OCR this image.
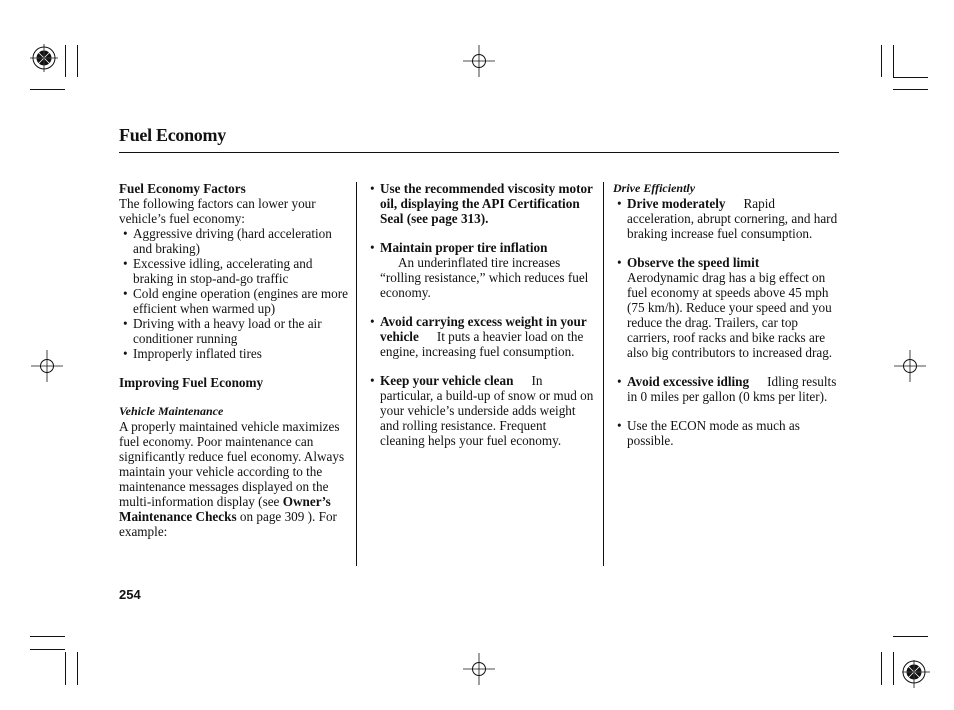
Fuel Economy

Fuel Economy Factors

The following factors can lower your vehicle’s fuel economy:

• Aggressive driving (hard acceleration and braking)

• Excessive idling, accelerating and braking in stop-and-go traffic

• Cold engine operation (engines are more efficient when warmed up)

• Driving with a heavy load or the air conditioner running

• Improperly inflated tires

Improving Fuel Economy

Vehicle Maintenance

A properly maintained vehicle maximizes fuel economy. Poor maintenance can significantly reduce fuel economy. Always maintain your vehicle according to the maintenance messages displayed on the multi-information display (see Owner’s Maintenance Checks on page 309 ). For example:

• Use the recommended viscosity motor oil, displaying the API Certification Seal (see page 313).

• Maintain proper tire inflation
An underinflated tire increases “rolling resistance,” which reduces fuel economy.

• Avoid carrying excess weight in your vehicle It puts a heavier load on the engine, increasing fuel consumption.

• Keep your vehicle clean In particular, a build-up of snow or mud on your vehicle’s underside adds weight and rolling resistance. Frequent cleaning helps your fuel economy.

Drive Efficiently

• Drive moderately Rapid acceleration, abrupt cornering, and hard braking increase fuel consumption.

• Observe the speed limit
Aerodynamic drag has a big effect on fuel economy at speeds above 45 mph (75 km/h). Reduce your speed and you reduce the drag. Trailers, car top carriers, roof racks and bike racks are also big contributors to increased drag.

• Avoid excessive idling Idling results in 0 miles per gallon (0 kms per liter).

• Use the ECON mode as much as possible.

254
